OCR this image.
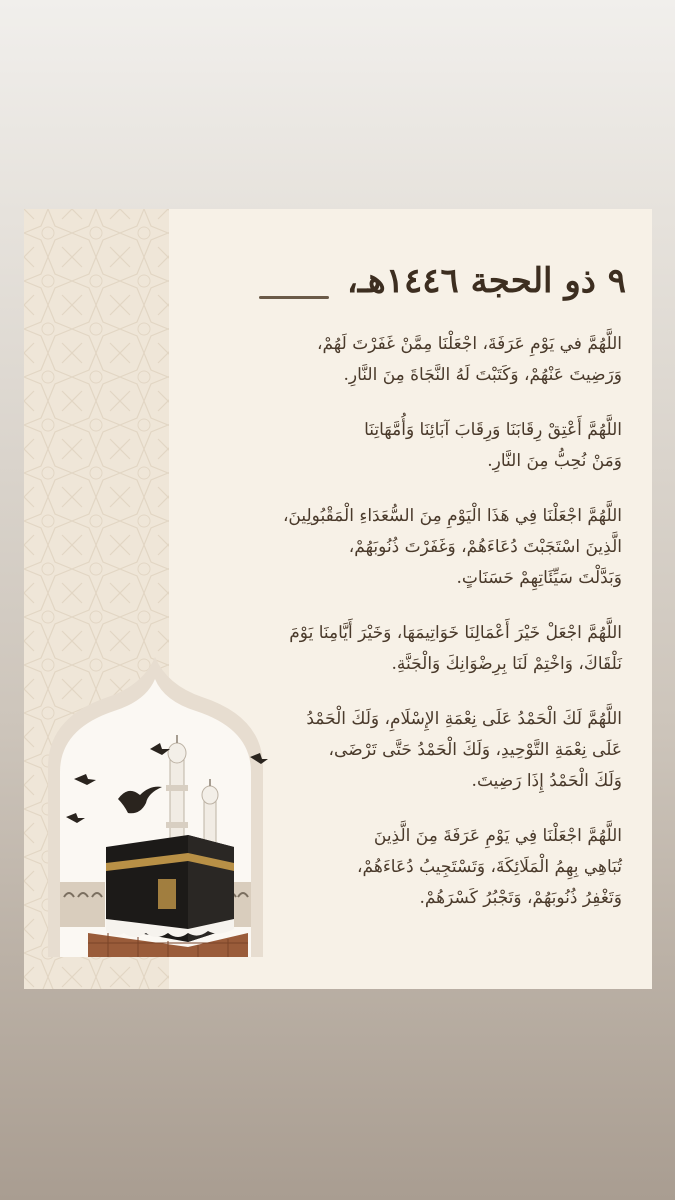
٩ ذو الحجة ١٤٤٦هـ،
اللَّهُمَّ في يَوْمِ عَرَفَةَ، اجْعَلْنَا مِمَّنْ غَفَرْتَ لَهُمْ،
وَرَضِيتَ عَنْهُمْ، وَكَتَبْتَ لَهُ النَّجَاةَ مِنَ النَّارِ.
اللَّهُمَّ أَعْتِقْ رِقَابَنَا وَرِقَابَ آبَائِنَا وَأُمَّهَاتِنَا
وَمَنْ نُحِبُّ مِنَ النَّارِ.
اللَّهُمَّ اجْعَلْنَا فِي هَذَا الْيَوْمِ مِنَ السُّعَدَاءِ الْمَقْبُولِينَ،
الَّذِينَ اسْتَجَبْتَ دُعَاءَهُمْ، وَغَفَرْتَ ذُنُوبَهُمْ،
وَبَدَّلْتَ سَيِّئَاتِهِمْ حَسَنَاتٍ.
اللَّهُمَّ اجْعَلْ خَيْرَ أَعْمَالِنَا خَوَاتِيمَهَا، وَخَيْرَ أَيَّامِنَا يَوْمَ
نَلْقَاكَ، وَاخْتِمْ لَنَا بِرِضْوَانِكَ وَالْجَنَّةِ.
اللَّهُمَّ لَكَ الْحَمْدُ عَلَى نِعْمَةِ الإِسْلَامِ، وَلَكَ الْحَمْدُ
عَلَى نِعْمَةِ التَّوْحِيدِ، وَلَكَ الْحَمْدُ حَتَّى تَرْضَى،
وَلَكَ الْحَمْدُ إِذَا رَضِيتَ.
اللَّهُمَّ اجْعَلْنَا فِي يَوْمِ عَرَفَةَ مِنَ الَّذِينَ
تُبَاهِي بِهِمُ الْمَلَائِكَةَ، وَتَسْتَجِيبُ دُعَاءَهُمْ،
وَتَغْفِرُ ذُنُوبَهُمْ، وَتَجْبُرُ كَسْرَهُمْ.
